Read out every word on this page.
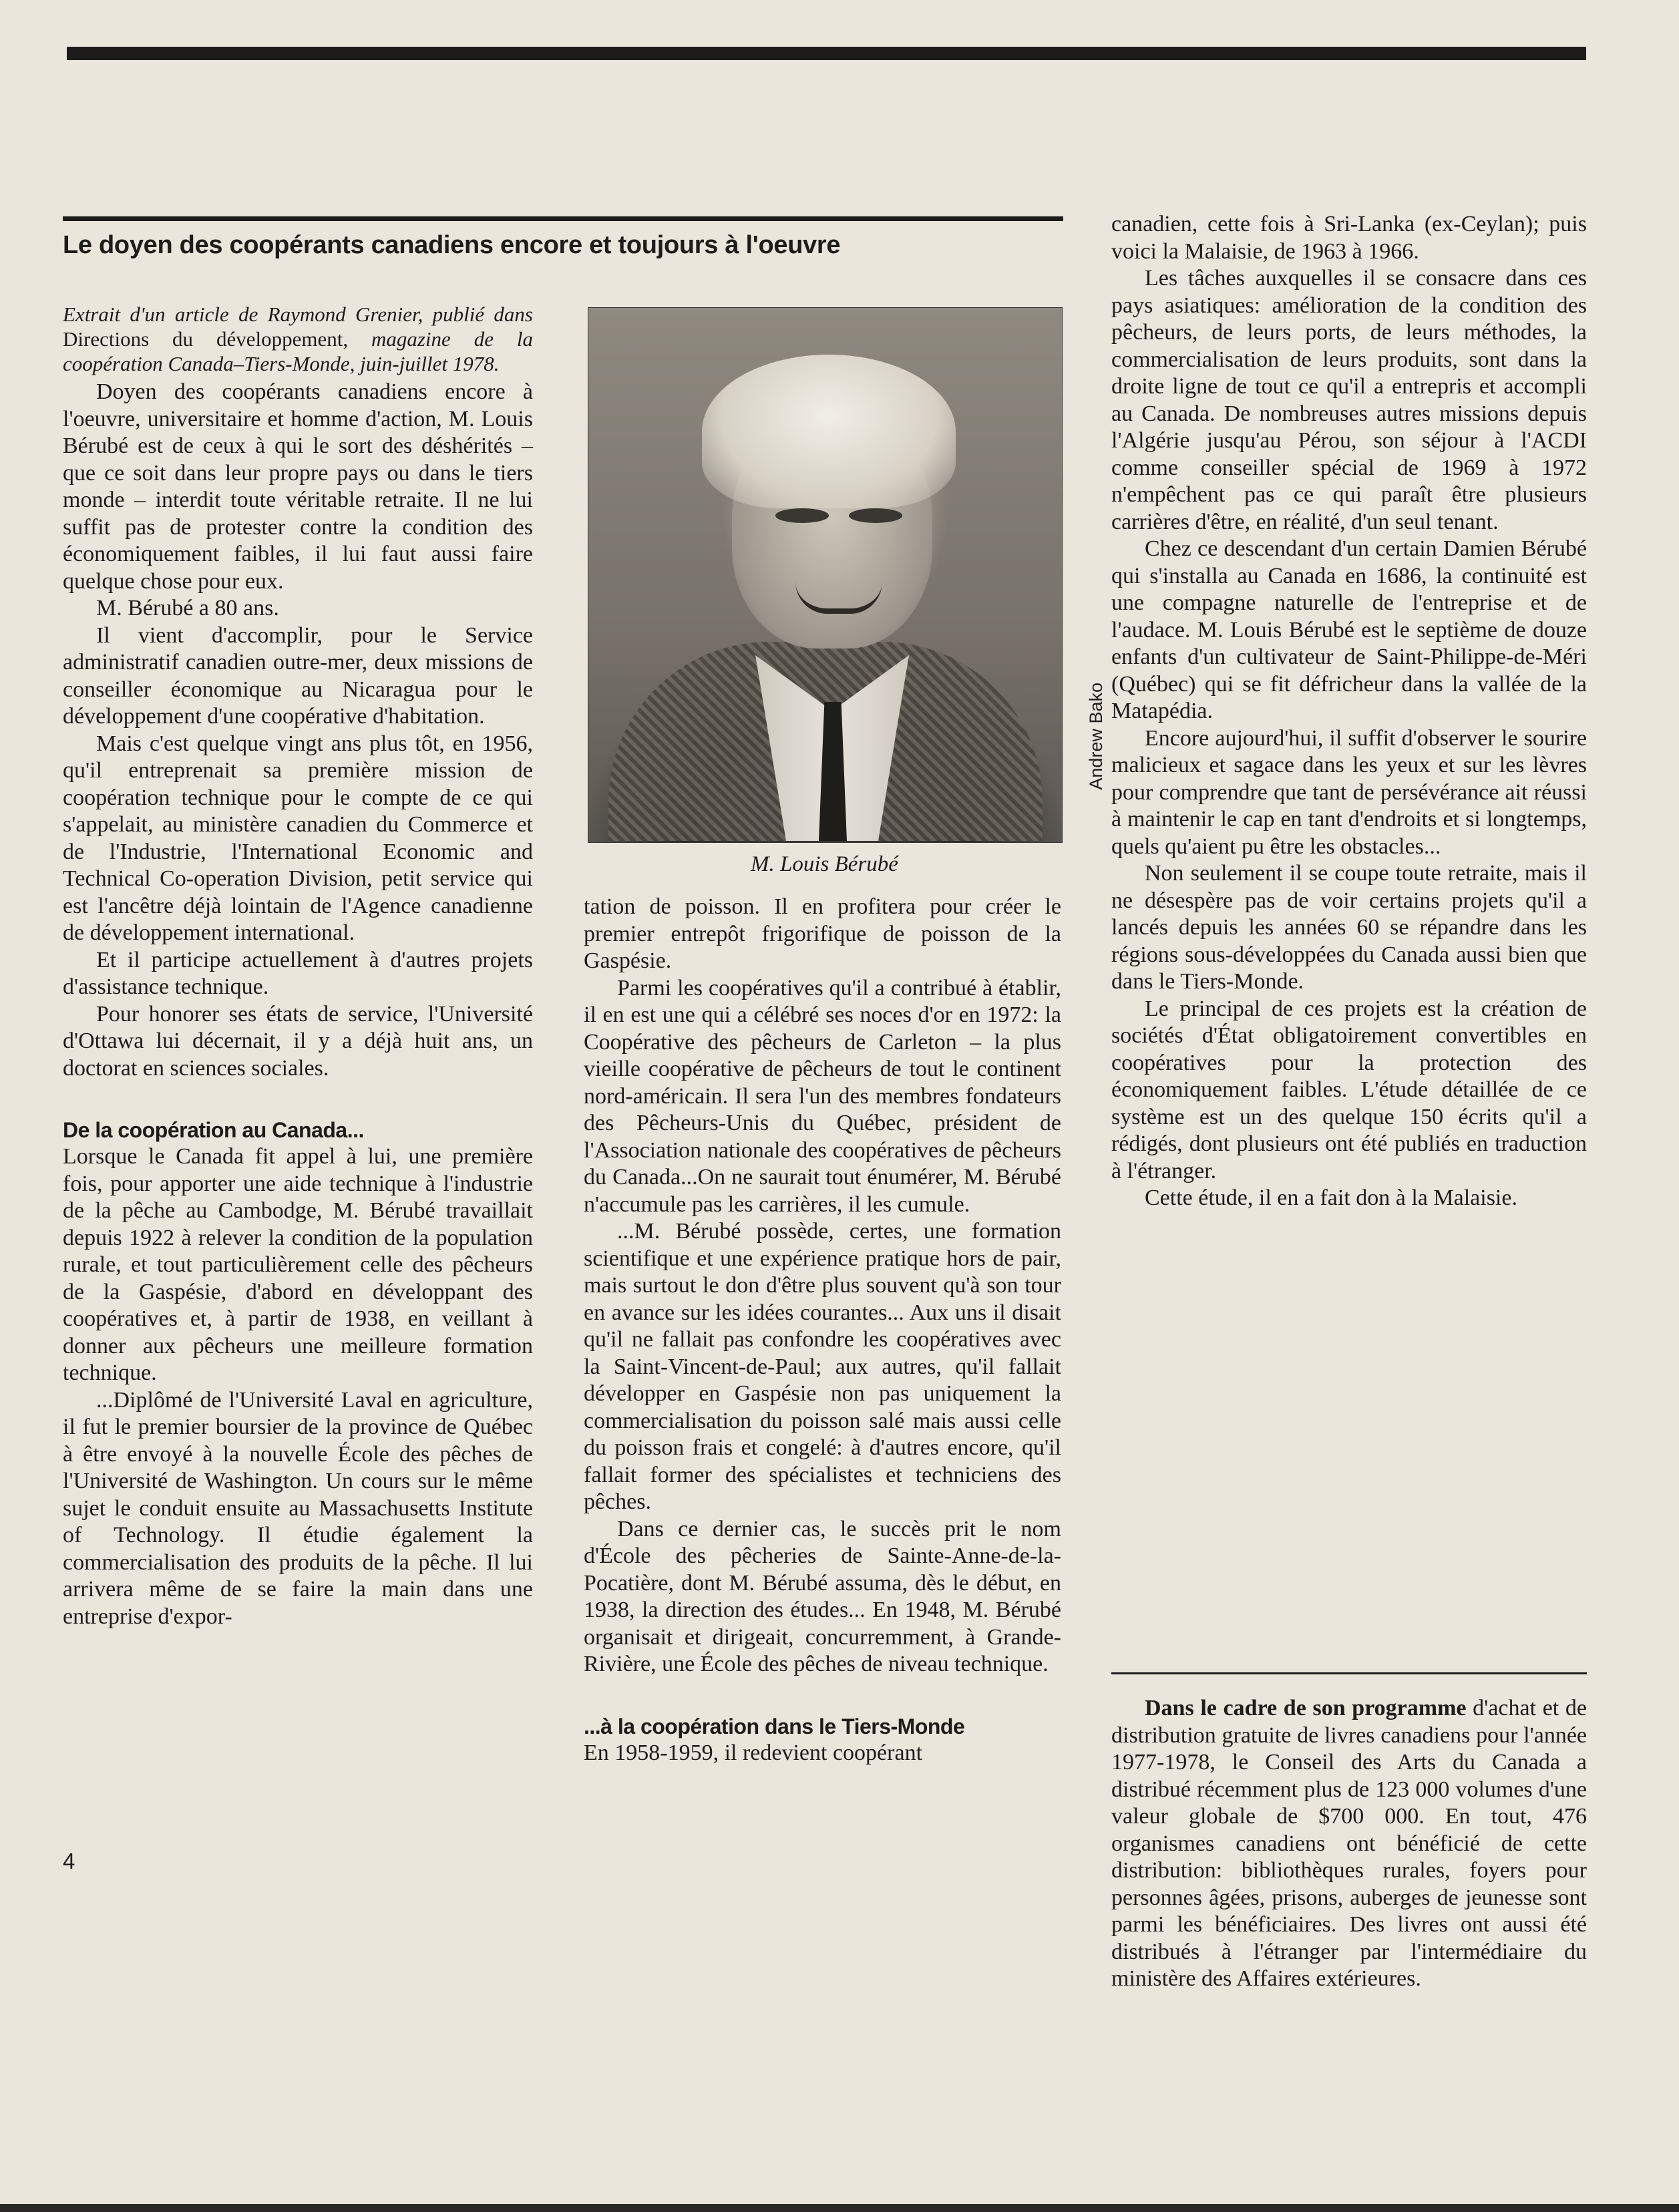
Le doyen des coopérants canadiens encore et toujours à l'oeuvre

Extrait d'un article de Raymond Grenier, publié dans Directions du développement, magazine de la coopération Canada–Tiers-Monde, juin-juillet 1978.

Doyen des coopérants canadiens encore à l'oeuvre, universitaire et homme d'action, M. Louis Bérubé est de ceux à qui le sort des déshérités – que ce soit dans leur propre pays ou dans le tiers monde – interdit toute véritable retraite. Il ne lui suffit pas de protester contre la condition des économiquement faibles, il lui faut aussi faire quelque chose pour eux.

M. Bérubé a 80 ans.

Il vient d'accomplir, pour le Service administratif canadien outre-mer, deux missions de conseiller économique au Nicaragua pour le développement d'une coopérative d'habitation.

Mais c'est quelque vingt ans plus tôt, en 1956, qu'il entreprenait sa première mission de coopération technique pour le compte de ce qui s'appelait, au ministère canadien du Commerce et de l'Industrie, l'International Economic and Technical Co-operation Division, petit service qui est l'ancêtre déjà lointain de l'Agence canadienne de développement international.

Et il participe actuellement à d'autres projets d'assistance technique.

Pour honorer ses états de service, l'Université d'Ottawa lui décernait, il y a déjà huit ans, un doctorat en sciences sociales.

De la coopération au Canada...

Lorsque le Canada fit appel à lui, une première fois, pour apporter une aide technique à l'industrie de la pêche au Cambodge, M. Bérubé travaillait depuis 1922 à relever la condition de la population rurale, et tout particulièrement celle des pêcheurs de la Gaspésie, d'abord en développant des coopératives et, à partir de 1938, en veillant à donner aux pêcheurs une meilleure formation technique.

...Diplômé de l'Université Laval en agriculture, il fut le premier boursier de la province de Québec à être envoyé à la nouvelle École des pêches de l'Université de Washington. Un cours sur le même sujet le conduit ensuite au Massachusetts Institute of Technology. Il étudie également la commercialisation des produits de la pêche. Il lui arrivera même de se faire la main dans une entreprise d'expor-

Andrew Bako
M. Louis Bérubé

tation de poisson. Il en profitera pour créer le premier entrepôt frigorifique de poisson de la Gaspésie.

Parmi les coopératives qu'il a contribué à établir, il en est une qui a célébré ses noces d'or en 1972: la Coopérative des pêcheurs de Carleton – la plus vieille coopérative de pêcheurs de tout le continent nord-américain. Il sera l'un des membres fondateurs des Pêcheurs-Unis du Québec, président de l'Association nationale des coopératives de pêcheurs du Canada...On ne saurait tout énumérer, M. Bérubé n'accumule pas les carrières, il les cumule.

...M. Bérubé possède, certes, une formation scientifique et une expérience pratique hors de pair, mais surtout le don d'être plus souvent qu'à son tour en avance sur les idées courantes... Aux uns il disait qu'il ne fallait pas confondre les coopératives avec la Saint-Vincent-de-Paul; aux autres, qu'il fallait développer en Gaspésie non pas uniquement la commercialisation du poisson salé mais aussi celle du poisson frais et congelé: à d'autres encore, qu'il fallait former des spécialistes et techniciens des pêches.

Dans ce dernier cas, le succès prit le nom d'École des pêcheries de Sainte-Anne-de-la-Pocatière, dont M. Bérubé assuma, dès le début, en 1938, la direction des études... En 1948, M. Bérubé organisait et dirigeait, concurremment, à Grande-Rivière, une École des pêches de niveau technique.

...à la coopération dans le Tiers-Monde

En 1958-1959, il redevient coopérant

canadien, cette fois à Sri-Lanka (ex-Ceylan); puis voici la Malaisie, de 1963 à 1966.

Les tâches auxquelles il se consacre dans ces pays asiatiques: amélioration de la condition des pêcheurs, de leurs ports, de leurs méthodes, la commercialisation de leurs produits, sont dans la droite ligne de tout ce qu'il a entrepris et accompli au Canada. De nombreuses autres missions depuis l'Algérie jusqu'au Pérou, son séjour à l'ACDI comme conseiller spécial de 1969 à 1972 n'empêchent pas ce qui paraît être plusieurs carrières d'être, en réalité, d'un seul tenant.

Chez ce descendant d'un certain Damien Bérubé qui s'installa au Canada en 1686, la continuité est une compagne naturelle de l'entreprise et de l'audace. M. Louis Bérubé est le septième de douze enfants d'un cultivateur de Saint-Philippe-de-Méri (Québec) qui se fit défricheur dans la vallée de la Matapédia.

Encore aujourd'hui, il suffit d'observer le sourire malicieux et sagace dans les yeux et sur les lèvres pour comprendre que tant de persévérance ait réussi à maintenir le cap en tant d'endroits et si longtemps, quels qu'aient pu être les obstacles...

Non seulement il se coupe toute retraite, mais il ne désespère pas de voir certains projets qu'il a lancés depuis les années 60 se répandre dans les régions sous-développées du Canada aussi bien que dans le Tiers-Monde.

Le principal de ces projets est la création de sociétés d'État obligatoirement convertibles en coopératives pour la protection des économiquement faibles. L'étude détaillée de ce système est un des quelque 150 écrits qu'il a rédigés, dont plusieurs ont été publiés en traduction à l'étranger.

Cette étude, il en a fait don à la Malaisie.

Dans le cadre de son programme d'achat et de distribution gratuite de livres canadiens pour l'année 1977-1978, le Conseil des Arts du Canada a distribué récemment plus de 123 000 volumes d'une valeur globale de $700 000. En tout, 476 organismes canadiens ont bénéficié de cette distribution: bibliothèques rurales, foyers pour personnes âgées, prisons, auberges de jeunesse sont parmi les bénéficiaires. Des livres ont aussi été distribués à l'étranger par l'intermédiaire du ministère des Affaires extérieures.

4
